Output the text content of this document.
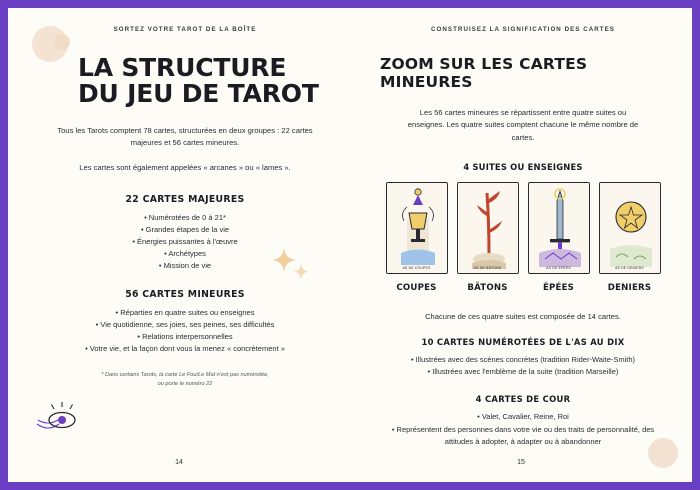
SORTEZ VOTRE TAROT DE LA BOÎTE
LA STRUCTURE
DU JEU DE TAROT

Tous les Tarots comptent 78 cartes, structurées en deux groupes : 22 cartes majeures et 56 cartes mineures.

Les cartes sont également appelées « arcanes » ou « lames ».

22 CARTES MAJEURES
• Numérotées de 0 à 21*
• Grandes étapes de la vie
• Énergies puissantes à l'œuvre
• Archétypes
• Mission de vie
56 CARTES MINEURES
• Réparties en quatre suites ou enseignes
• Vie quotidienne, ses joies, ses peines, ses difficultés
• Relations interpersonnelles
• Votre vie, et la façon dont vous la menez « concrètement »
* Dans certains Tarots, la carte Le Fou/Le Mat n'est pas numérotée,
ou porte le numéro 22
14
CONSTRUISEZ LA SIGNIFICATION DES CARTES
ZOOM SUR LES CARTES MINEURES

Les 56 cartes mineures se répartissent entre quatre suites ou enseignes. Les quatre suites comptent chacune le même nombre de cartes.

4 SUITES OU ENSEIGNES
AS DE COUPES
COUPES
AS DE BÂTONS
BÂTONS
AS DE ÉPÉES
ÉPÉES
AS DE DENIERS
DENIERS

Chacune de ces quatre suites est composée de 14 cartes.

10 CARTES NUMÉROTÉES DE L'AS AU DIX
• Illustrées avec des scènes concrètes (tradition Rider-Waite-Smith)
• Illustrées avec l'emblème de la suite (tradition Marseille)
4 CARTES DE COUR
• Valet, Cavalier, Reine, Roi
• Représentent des personnes dans votre vie ou des traits de personnalité, des attitudes à adopter, à adapter ou à abandonner
15
